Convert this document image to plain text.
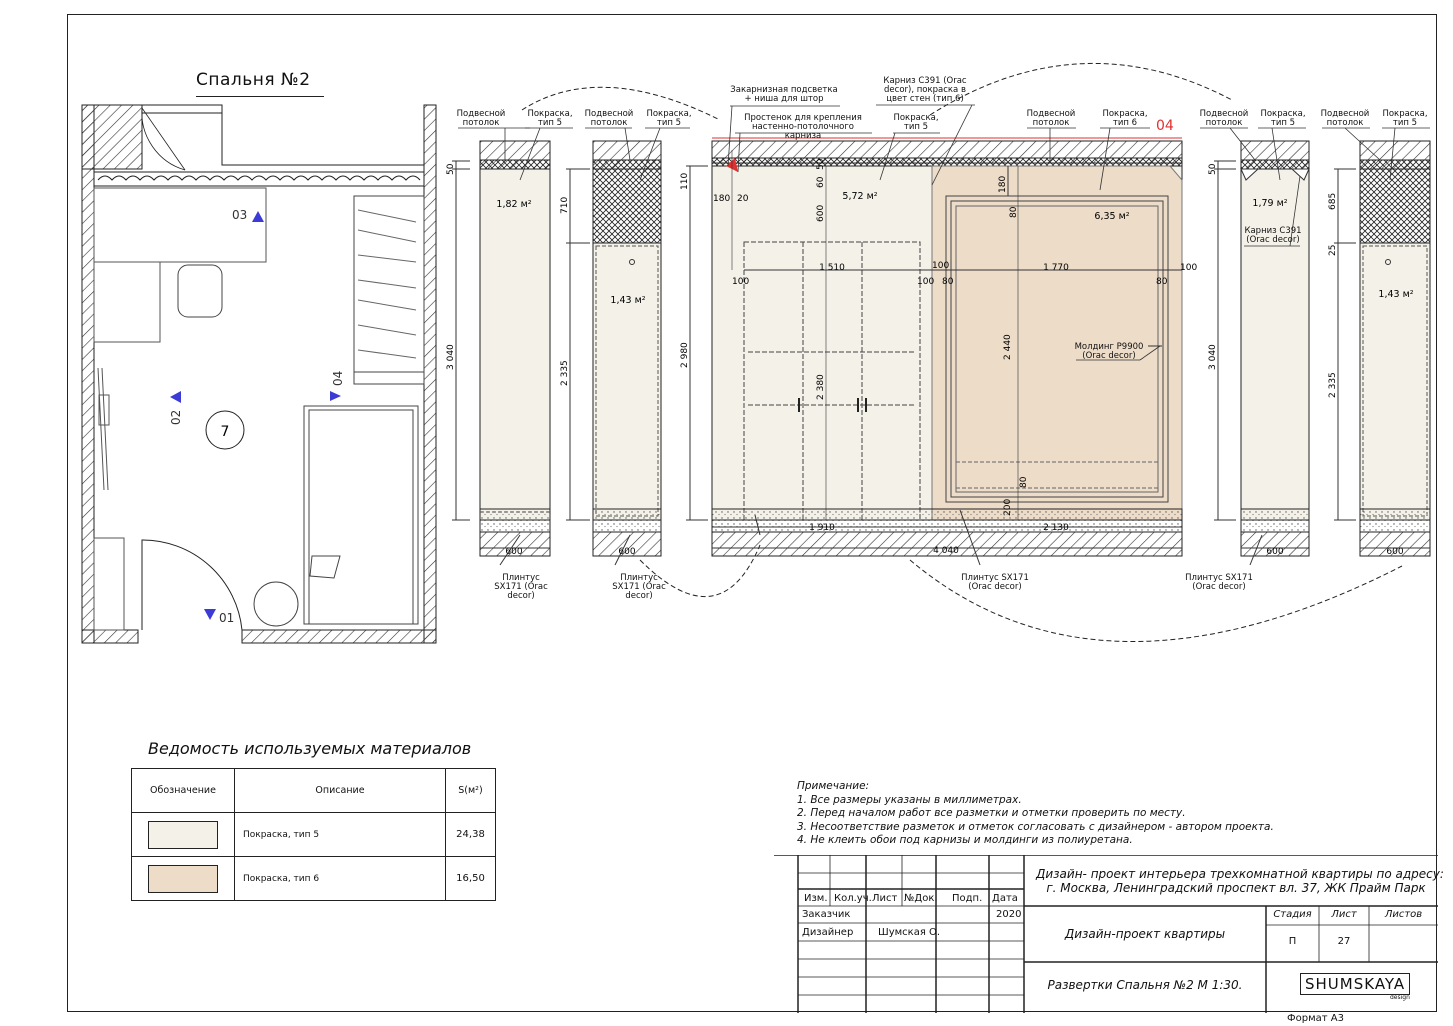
Спальня №2
7
03
02
04
01
50
3 040
600
1,82 м²	710
2 335
600
1,43 м²
110
2 980
180 20
50
60
600
100
1 510
100
2 380
1 910
4 040
180
80
100
80
1 770
80
100
2 440
200
80
2 130
5,72 м²
6,35 м²
04
50
3 040
600
1,79 м²	685
25
2 335
600
1,43 м²
Подвесной потолок
Покраска, тип 5
Плинтус SX171 (Orac decor)
Подвесной потолок
Покраска, тип 5
Плинтус SX171 (Orac decor)
Закарнизная подсветка + ниша для штор
Простенок для крепления настенно-потолочного карниза
Карниз C391 (Orac decor), покраска в цвет стен (тип 6)
Покраска, тип 5
Подвесной потолок
Покраска, тип 6
Молдинг P9900 (Orac decor)
Плинтус SX171 (Orac decor)
Подвесной потолок
Покраска, тип 5
Карниз C391 (Orac decor)
Плинтус SX171 (Orac decor)
Подвесной потолок
Покраска, тип 5
Ведомость используемых материалов
Обозначение	Описание	S(м²)

	Покраска, тип 5	24,38

	Покраска, тип 6	16,50
Примечание:
1. Все размеры указаны в миллиметрах.
2. Перед началом работ все разметки и отметки проверить по месту.
3. Несоответствие разметок и отметок согласовать с дизайнером - автором проекта.
4. Не клеить обои под карнизы и молдинги из полиуретана.
Дизайн- проект интерьера трехкомнатной квартиры по адресу:
г. Москва, Ленинградский проспект вл. 37, ЖК Прайм Парк
Изм. Кол.уч. Лист №Док. Подп. Дата
Заказчик	2020
Дизайнер Шумская О.	Дизайн-проект квартиры
Стадия	Лист	Листов
П	27
Развертки Спальня №2 М 1:30.	SHUMSKAYA
design
Формат А3
